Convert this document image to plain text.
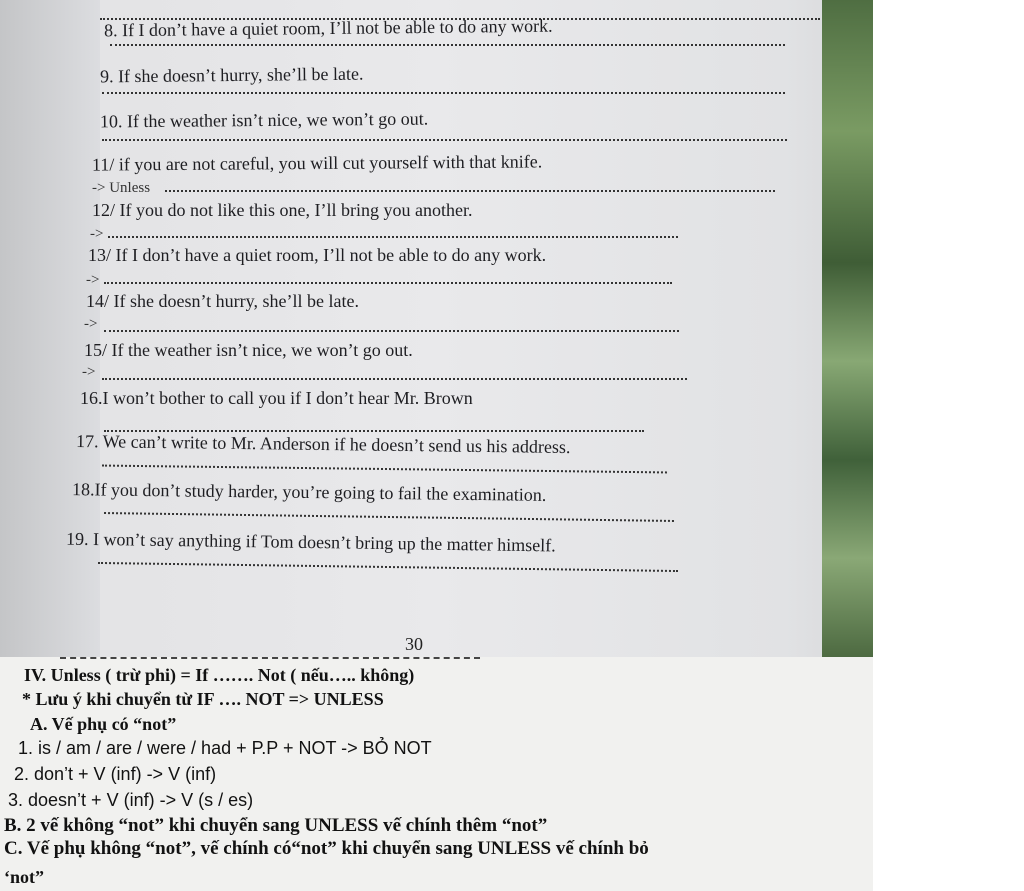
8. If I don’t have a quiet room, I’ll not be able to do any work.
9. If she doesn’t hurry, she’ll be late.
10. If the weather isn’t nice, we won’t go out.
11/ if you are not careful, you will cut yourself with that knife.
-> Unless
12/ If you do not like this one, I’ll bring you another.
->
13/ If I don’t have a quiet room, I’ll not be able to do any work.
->
14/ If she doesn’t hurry, she’ll be late.
->
15/ If the weather isn’t nice, we won’t go out.
->
16.I won’t bother to call you if I don’t hear Mr. Brown
17. We can’t write to Mr. Anderson if he doesn’t send us his address.
18.If you don’t study harder, you’re going to fail the examination.
19. I won’t say anything if Tom doesn’t bring up the matter himself.
30
IV. Unless ( trừ phi) = If ……. Not ( nếu….. không)
* Lưu ý khi chuyển từ IF …. NOT => UNLESS
A. Vế phụ có “not”
1. is / am / are / were / had + P.P + NOT -> BỎ NOT
2. don’t + V (inf) -> V (inf)
3. doesn’t + V (inf) -> V (s / es)
B. 2 vế không “not” khi chuyển sang UNLESS vế chính thêm “not”
C. Vế phụ không “not”, vế chính có“not” khi chuyển sang UNLESS vế chính bỏ
‘not”
